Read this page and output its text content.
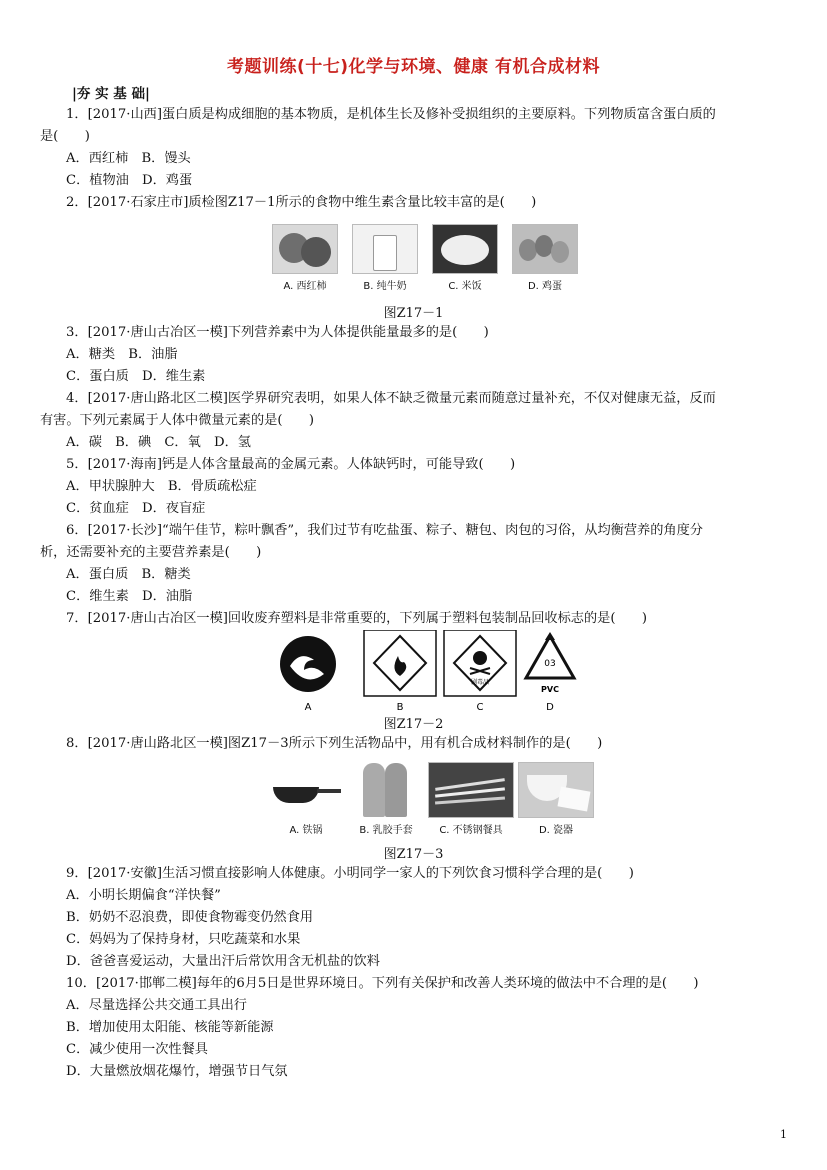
考题训练(十七)化学与环境、健康 有机合成材料
|夯 实 基 础|
1．[2017·山西]蛋白质是构成细胞的基本物质，是机体生长及修补受损组织的主要原料。下列物质富含蛋白质的
是(　　)
A．西红柿　B．馒头
C．植物油　D．鸡蛋
2．[2017·石家庄市]质检图Z17－1所示的食物中维生素含量比较丰富的是(　　)
A. 西红柿	B. 纯牛奶	C. 米饭	D. 鸡蛋
图Z17－1
3．[2017·唐山古冶区一模]下列营养素中为人体提供能量最多的是(　　)
A．糖类　B．油脂
C．蛋白质　D．维生素
4．[2017·唐山路北区二模]医学界研究表明，如果人体不缺乏微量元素而随意过量补充，不仅对健康无益，反而
有害。下列元素属于人体中微量元素的是(　　)
A．碳　B．碘　C．氧　D．氢
5．[2017·海南]钙是人体含量最高的金属元素。人体缺钙时，可能导致(　　)
A．甲状腺肿大　B．骨质疏松症
C．贫血症　D．夜盲症
6．[2017·长沙]“端午佳节，粽叶飘香”，我们过节有吃盐蛋、粽子、糖包、肉包的习俗，从均衡营养的角度分
析，还需要补充的主要营养素是(　　)
A．蛋白质　B．糖类
C．维生素　D．油脂
7．[2017·唐山古冶区一模]回收废弃塑料是非常重要的，下列属于塑料包装制品回收标志的是(　　)
A	B
剧毒品
C
03
PVC
D
图Z17－2
8．[2017·唐山路北区一模]图Z17－3所示下列生活物品中，用有机合成材料制作的是(　　)
A. 铁锅	B. 乳胶手套	C. 不锈钢餐具	D. 瓷器
图Z17－3
9．[2017·安徽]生活习惯直接影响人体健康。小明同学一家人的下列饮食习惯科学合理的是(　　)
A．小明长期偏食“洋快餐”
B．奶奶不忍浪费，即使食物霉变仍然食用
C．妈妈为了保持身材，只吃蔬菜和水果
D．爸爸喜爱运动，大量出汗后常饮用含无机盐的饮料
10．[2017·邯郸二模]每年的6月5日是世界环境日。下列有关保护和改善人类环境的做法中不合理的是(　　)
A．尽量选择公共交通工具出行
B．增加使用太阳能、核能等新能源
C．减少使用一次性餐具
D．大量燃放烟花爆竹，增强节日气氛
1
